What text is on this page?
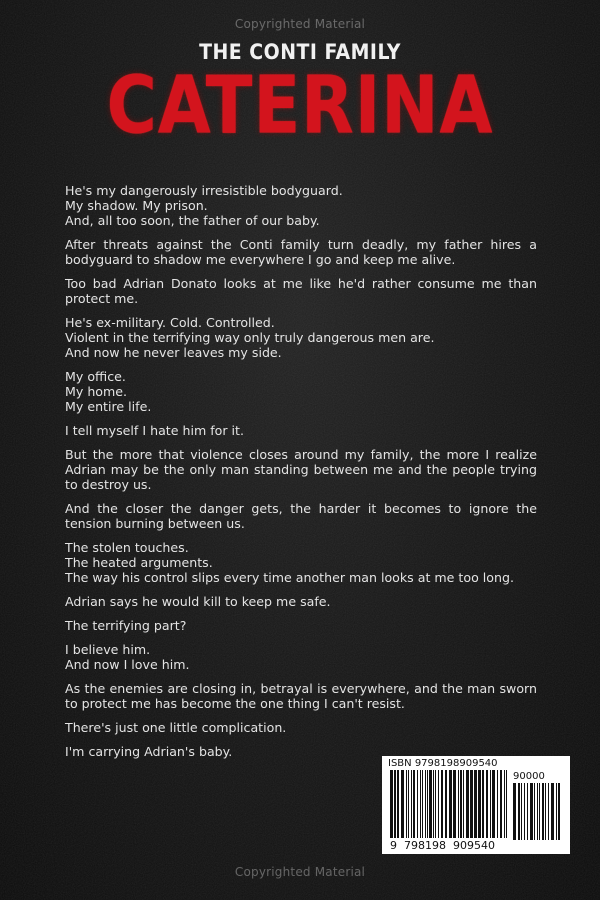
Copyrighted Material
THE CONTI FAMILY
CATERINA

He's my dangerously irresistible bodyguard.
My shadow. My prison.
And, all too soon, the father of our baby.

After threats against the Conti family turn deadly, my father hires a bodyguard to shadow me everywhere I go and keep me alive.

Too bad Adrian Donato looks at me like he'd rather consume me than protect me.

He's ex-military. Cold. Controlled.
Violent in the terrifying way only truly dangerous men are.
And now he never leaves my side.

My office.
My home.
My entire life.

I tell myself I hate him for it.

But the more that violence closes around my family, the more I realize Adrian may be the only man standing between me and the people trying to destroy us.

And the closer the danger gets, the harder it becomes to ignore the tension burning between us.

The stolen touches.
The heated arguments.
The way his control slips every time another man looks at me too long.

Adrian says he would kill to keep me safe.

The terrifying part?

I believe him.
And now I love him.

As the enemies are closing in, betrayal is everywhere, and the man sworn to protect me has become the one thing I can't resist.

There's just one little complication.

I'm carrying Adrian's baby.

ISBN 9798198909540
90000
9  798198  909540
Copyrighted Material
